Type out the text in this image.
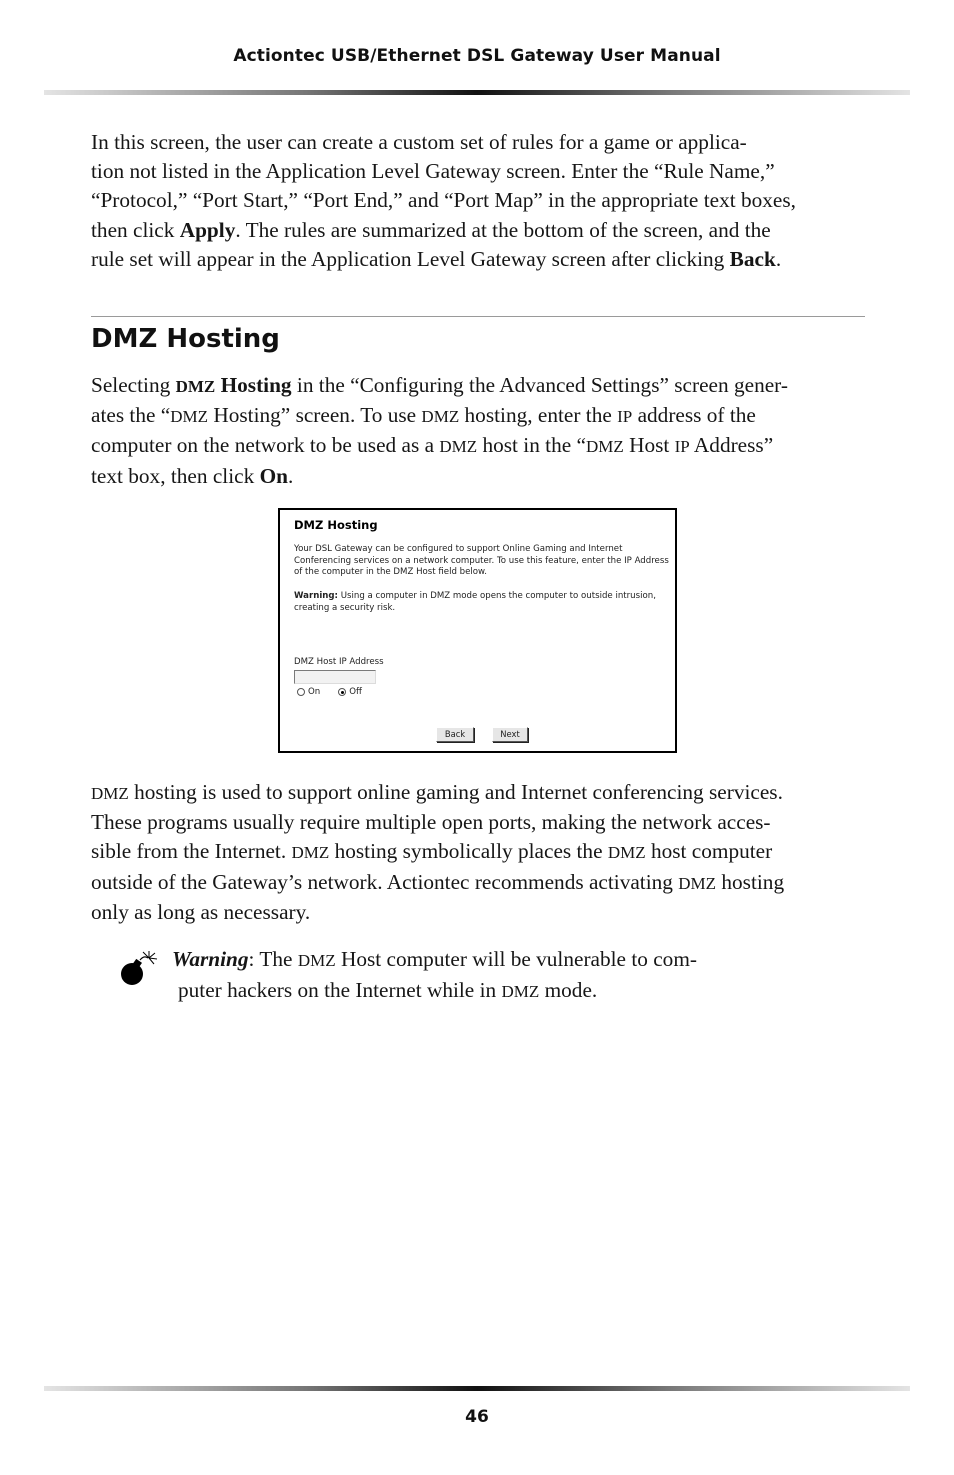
Actiontec USB/Ethernet DSL Gateway User Manual
In this screen, the user can create a custom set of rules for a game or applica-
tion not listed in the Application Level Gateway screen. Enter the “Rule Name,”
“Protocol,” “Port Start,” “Port End,” and “Port Map” in the appropriate text boxes,
then click Apply. The rules are summarized at the bottom of the screen, and the
rule set will appear in the Application Level Gateway screen after clicking Back.
DMZ Hosting
Selecting DMZ Hosting in the “Configuring the Advanced Settings” screen gener-
ates the “DMZ Hosting” screen. To use DMZ hosting, enter the IP address of the
computer on the network to be used as a DMZ host in the “DMZ Host IP Address”
text box, then click On.
DMZ Hosting
Your DSL Gateway can be configured to support Online Gaming and Internet Conferencing services on a network computer. To use this feature, enter the IP Address of the computer in the DMZ Host field below.
Warning: Using a computer in DMZ mode opens the computer to outside intrusion, creating a security risk.
DMZ Host IP Address
On	Off
Back	Next
DMZ hosting is used to support online gaming and Internet conferencing services.
These programs usually require multiple open ports, making the network acces-
sible from the Internet. DMZ hosting symbolically places the DMZ host computer
outside of the Gateway’s network. Actiontec recommends activating DMZ hosting
only as long as necessary.
Warning: The DMZ Host computer will be vulnerable to com-
puter hackers on the Internet while in DMZ mode.
46
